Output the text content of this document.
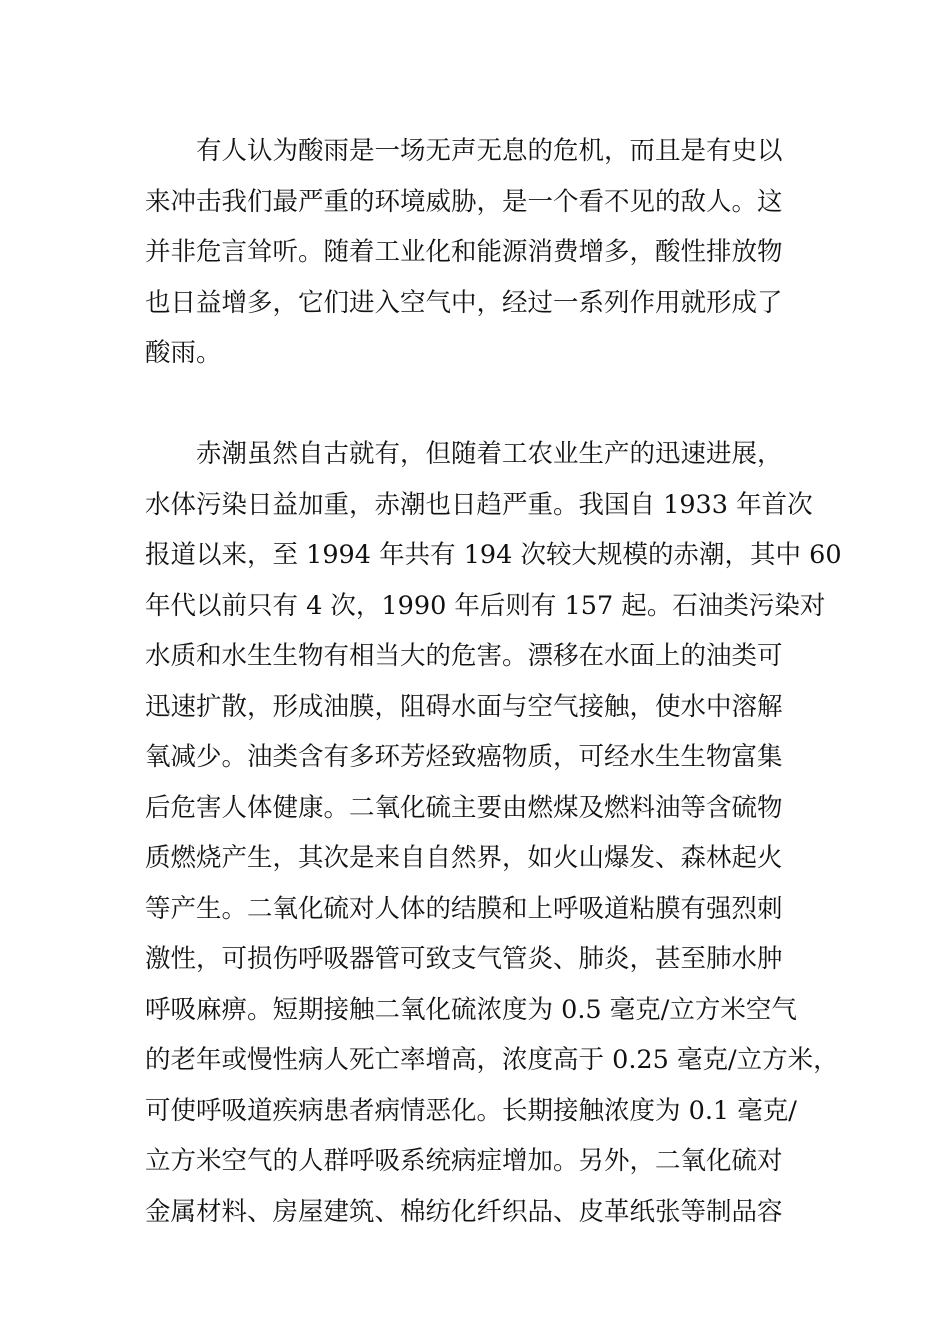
有人认为酸雨是一场无声无息的危机，而且是有史以
来冲击我们最严重的环境威胁，是一个看不见的敌人。这
并非危言耸听。随着工业化和能源消费增多，酸性排放物
也日益增多，它们进入空气中，经过一系列作用就形成了
酸雨。

赤潮虽然自古就有，但随着工农业生产的迅速进展，
水体污染日益加重，赤潮也日趋严重。我国自 1933 年首次
报道以来，至 1994 年共有 194 次较大规模的赤潮，其中 60
年代以前只有 4 次，1990 年后则有 157 起。石油类污染对
水质和水生生物有相当大的危害。漂移在水面上的油类可
迅速扩散，形成油膜，阻碍水面与空气接触，使水中溶解
氧减少。油类含有多环芳烃致癌物质，可经水生生物富集
后危害人体健康。二氧化硫主要由燃煤及燃料油等含硫物
质燃烧产生，其次是来自自然界，如火山爆发、森林起火
等产生。二氧化硫对人体的结膜和上呼吸道粘膜有强烈刺
激性，可损伤呼吸器管可致支气管炎、肺炎，甚至肺水肿
呼吸麻痹。短期接触二氧化硫浓度为 0.5 毫克/立方米空气
的老年或慢性病人死亡率增高，浓度高于 0.25 毫克/立方米，
可使呼吸道疾病患者病情恶化。长期接触浓度为 0.1 毫克/
立方米空气的人群呼吸系统病症增加。另外，二氧化硫对
金属材料、房屋建筑、棉纺化纤织品、皮革纸张等制品容
